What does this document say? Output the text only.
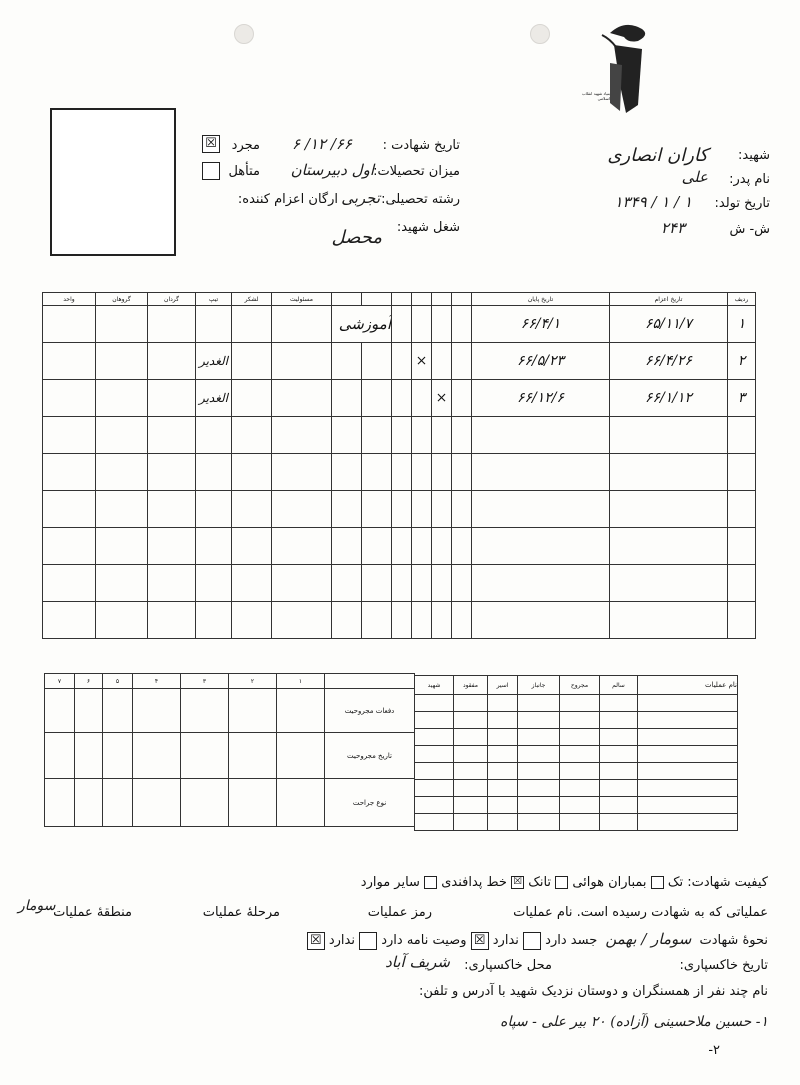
بنیاد شهید انقلاب اسلامی
شهید:
کاران انصاری
نام پدر:
علی
تاریخ تولد:
۱ / ۱ / ۱۳۴۹
ش- ش
۲۴۳
تاریخ شهادت :
۶۶/ ۱۲/ ۶
مجرد
☒
میزان تحصیلات:
اول دبیرستان
متأهل
رشته تحصیلی:
تجربی
ارگان اعزام کننده:
شغل شهید:
محصل
ردیف	تاریخ اعزام	تاریخ پایان							مسئولیت	لشکر	تیپ	گردان	گروهان	واحد
۱	۶۵/۱۱/۷	۶۶/۴/۱					آموزشی							
۲	۶۶/۴/۲۶	۶۶/۵/۲۳			×						الغدیر			
۳	۶۶/۱/۱۲	۶۶/۱۲/۶		×							الغدیر			

	۱	۲	۳	۴	۵	۶	۷
دفعات مجروحیت							
تاریخ مجروحیت							
نوع جراحت							
نام عملیات	سالم	مجروح	جانباز	اسیر	مفقود	شهید

کیفیت شهادت: تک  بمباران هوائی  تانک ☒ خط پدافندی  سایر موارد
عملیاتی که به شهادت رسیده است. نام عملیات
رمز عملیات
مرحلهٔ عملیات
منطقهٔ عملیات
سومار
نحوهٔ شهادت سومار / بهمن جسد دارد  ندارد ☒ وصیت نامه دارد  ندارد ☒
تاریخ خاکسپاری:
محل خاکسپاری:
شریف آباد
نام چند نفر از همسنگران و دوستان نزدیک شهید با آدرس و تلفن:
۱- حسین ملاحسینی (آزاده) ۲۰ بیر علی - سپاه
۲-
